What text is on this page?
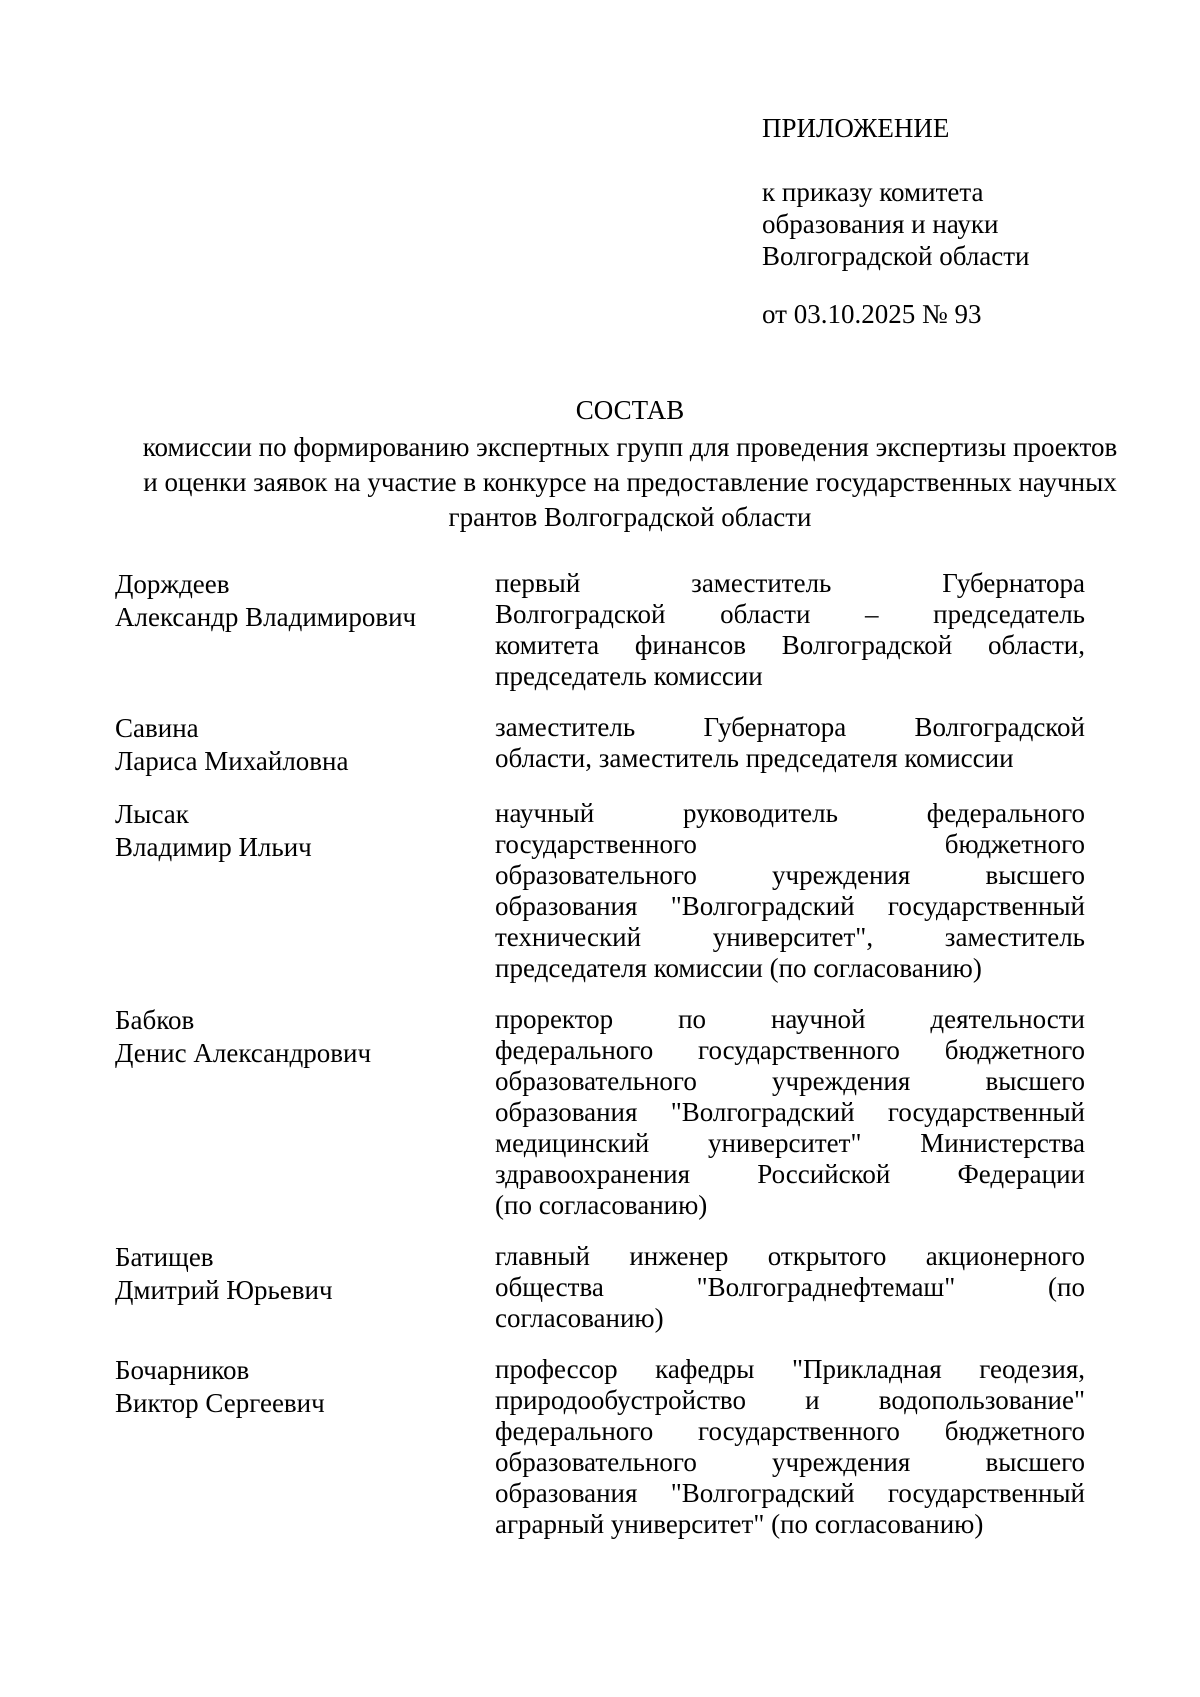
ПРИЛОЖЕНИЕ
к приказу комитета
образования и науки
Волгоградской области
от 03.10.2025 № 93
СОСТАВ
комиссии по формированию экспертных групп для проведения экспертизы проектов
и оценки заявок на участие в конкурсе на предоставление государственных научных
грантов Волгоградской области
Дорждеев
Александр Владимирович
первый заместитель Губернатора
Волгоградской области – председатель
комитета финансов Волгоградской области,
председатель комиссии
Савина
Лариса Михайловна
заместитель Губернатора Волгоградской
области, заместитель председателя комиссии
Лысак
Владимир Ильич
научный руководитель федерального
государственного бюджетного
образовательного учреждения высшего
образования "Волгоградский государственный
технический университет", заместитель
председателя комиссии (по согласованию)
Бабков
Денис Александрович
проректор по научной деятельности
федерального государственного бюджетного
образовательного учреждения высшего
образования "Волгоградский государственный
медицинский университет" Министерства
здравоохранения Российской Федерации
(по согласованию)
Батищев
Дмитрий Юрьевич
главный инженер открытого акционерного
общества "Волгограднефтемаш" (по
согласованию)
Бочарников
Виктор Сергеевич
профессор кафедры "Прикладная геодезия,
природообустройство и водопользование"
федерального государственного бюджетного
образовательного учреждения высшего
образования "Волгоградский государственный
аграрный университет" (по согласованию)
